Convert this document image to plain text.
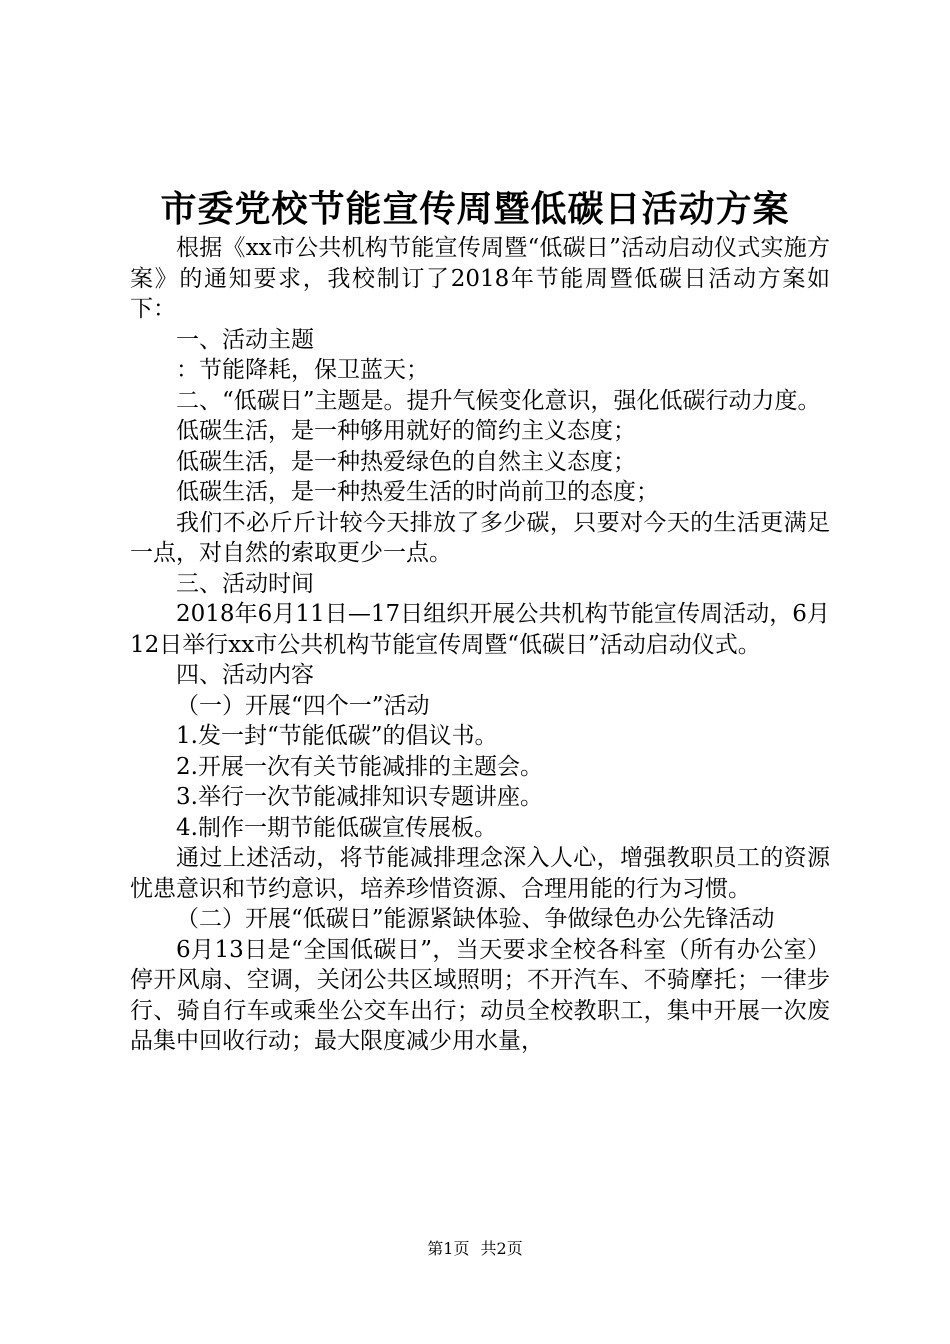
市委党校节能宣传周暨低碳日活动方案

根据《xx市公共机构节能宣传周暨“低碳日”活动启动仪式实施方案》的通知要求，我校制订了2018年节能周暨低碳日活动方案如下：

一、活动主题

：节能降耗，保卫蓝天；

二、“低碳日”主题是。提升气候变化意识，强化低碳行动力度。

低碳生活，是一种够用就好的简约主义态度；

低碳生活，是一种热爱绿色的自然主义态度；

低碳生活，是一种热爱生活的时尚前卫的态度；

我们不必斤斤计较今天排放了多少碳，只要对今天的生活更满足一点，对自然的索取更少一点。

三、活动时间

2018年6月11日—17日组织开展公共机构节能宣传周活动，6月12日举行xx市公共机构节能宣传周暨“低碳日”活动启动仪式。

四、活动内容

（一）开展“四个一”活动

1.发一封“节能低碳”的倡议书。

2.开展一次有关节能减排的主题会。

3.举行一次节能减排知识专题讲座。

4.制作一期节能低碳宣传展板。

通过上述活动，将节能减排理念深入人心，增强教职员工的资源忧患意识和节约意识，培养珍惜资源、合理用能的行为习惯。

（二）开展“低碳日”能源紧缺体验、争做绿色办公先锋活动

6月13日是“全国低碳日”，当天要求全校各科室（所有办公室）停开风扇、空调，关闭公共区域照明；不开汽车、不骑摩托；一律步行、骑自行车或乘坐公交车出行；动员全校教职工，集中开展一次废品集中回收行动；最大限度减少用水量，

第1页 共2页
